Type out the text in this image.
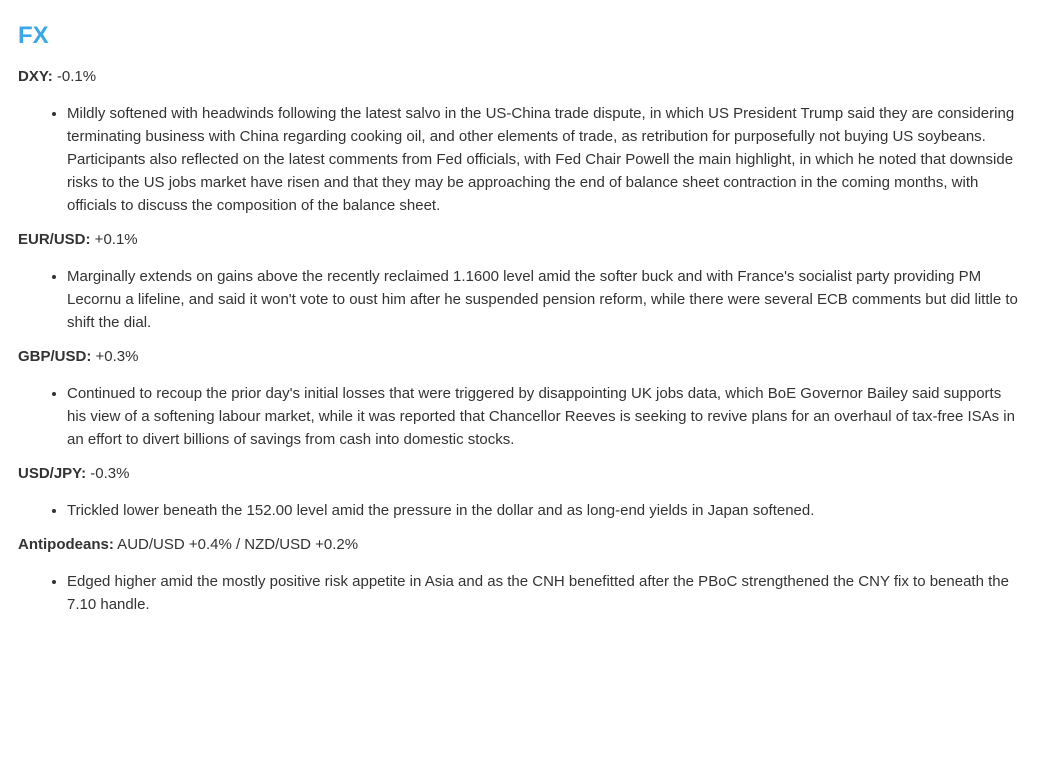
FX

DXY: -0.1%

• Mildly softened with headwinds following the latest salvo in the US-China trade dispute, in which US President Trump said they are considering terminating business with China regarding cooking oil, and other elements of trade, as retribution for purposefully not buying US soybeans. Participants also reflected on the latest comments from Fed officials, with Fed Chair Powell the main highlight, in which he noted that downside risks to the US jobs market have risen and that they may be approaching the end of balance sheet contraction in the coming months, with officials to discuss the composition of the balance sheet.

EUR/USD: +0.1%

• Marginally extends on gains above the recently reclaimed 1.1600 level amid the softer buck and with France's socialist party providing PM Lecornu a lifeline, and said it won't vote to oust him after he suspended pension reform, while there were several ECB comments but did little to shift the dial.

GBP/USD: +0.3%

• Continued to recoup the prior day's initial losses that were triggered by disappointing UK jobs data, which BoE Governor Bailey said supports his view of a softening labour market, while it was reported that Chancellor Reeves is seeking to revive plans for an overhaul of tax-free ISAs in an effort to divert billions of savings from cash into domestic stocks.

USD/JPY: -0.3%

• Trickled lower beneath the 152.00 level amid the pressure in the dollar and as long-end yields in Japan softened.

Antipodeans: AUD/USD +0.4% / NZD/USD +0.2%

• Edged higher amid the mostly positive risk appetite in Asia and as the CNH benefitted after the PBoC strengthened the CNY fix to beneath the 7.10 handle.
